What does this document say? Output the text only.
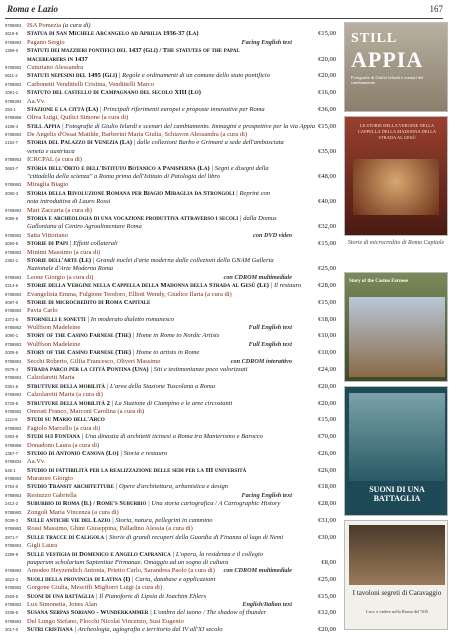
Roma e Lazio	167
9788863 ISA Pomezia (a cura di)
2619-5 Statua di San Michele Arcangelo ad Aprilia 1936-37 (La)	€15,00
9788863 Pagano Sergio	Facing English text
1369-0 Statuti dei mazzieri pontifici del 1437 (Gli) / The statutes of the papal
macebearers in 1437	€20,00
9788863 Cuturiano Alessandra
0611-2 Statuti nepesini del 1495 (Gli) | Regole e ordinamenti di un comune dello stato pontificio	€20,00
9788863 Carbonetti Vendittelli Cristina, Vendittelli Marco
1091-1 Statuto del castello di Campagnano del secolo XIII (Lo)	€16,00
9788394 Aa.Vv.
293-1 Stazione e la città (La) | Principali riferimenti europei e proposte innovative per Roma	€36,00
9788868 Oliva Luigi, Quilici Simone (a cura di)
4188-4 Still Appia | Fotografie di Giulio Ielardi e scenari del cambiamento. Immagini e prospettive per la via Appia €15,00
9788863 De Angelis d'Ossat Matilde, Barberini Maria Giulia, Schiavon Alessandra (a cura di)
2152-7 Storia del Palazzo di Venezia (La) | dalle collezioni Barbo e Grimani a sede dell'ambasciata
veneta e austriaca	€35,00
9788863 ICRCPAL (a cura di)
3663-7 Storia dell'Orto e dell'Istituto Botanico a Panisperna (La) | Segni e disegni della
"cittadella della scienza" a Roma prima dell'Istituto di Patologia del libro	€48,00
9788863 Miraglia Biagio
2060-3 Storia della Rivoluzione Romana per Biagio Miraglia da Strongoli | Reprint con
nota introduttiva di Lauro Rossi	€40,00
9788863 Mari Zaccaria (a cura di)
4085-6 Storia e archeologia di una vocazione produttiva attraverso i secoli | dalla Domus
Galloniana al Centro Agroalimentare Roma	€32,00
9788863 Satta Vittoriano	con DVD video
3050-5 Storie di Papi | Effetti collaterali	€15,00
9788863 Minimi Massimo (a cura di)
2381-1 Storie dell'arte (Le) | Grandi nuclei d'arte moderna dalle collezioni della GNAM Galleria
Nazionale d'Arte Moderna Roma	€25,00
9788863 Leone Giorgio (a cura di)	con CDROM multimediale
3314-5 Storie della Vergine nella Cappella della Madonna della Strada al Gesù (Le) | Il restauro	€28,00
9788863 Evangelista Emma, Fulgione Teodoro, Elliott Wendy, Giudice Ilaria (a cura di)
4087-0 Storie di microcredito di Roma Capitale	€15,00
9788863 Pavia Carlo
3372-5 Stornelli e sonetti | In moderato dialetto romanesco	€18,00
9788863 Wulffson Madeleine	Full English text
4090-1 Story of the Casino Farnese (The) | Home in Rome to Nordic Artists	€10,00
9788863 Wulffson Madeleine	Full English text
2005-6 Story of the Casino Farnese (The) | Home to artists in Rome	€10,00
9788863 Secchi Roberto, Gilfia Francesco, Oliveri Massimo	con CDROM interattivo
0579-4 Strada parco per la città Pontina (Una) | Siti e testimonianze poco valorizzati	€24,00
9788863 Calzolaretti Marta
0361-5 Strutture della mobilità | L'area della Stazione Tuscolana a Roma	€20,00
9788863 Calzolaretti Marta (a cura di)
0725-5 Strutture della mobilità 2 | La Stazione di Ciampino e le aree circostanti	€20,00
9788863 Onorati Franco, Marconi Carolina (a cura di)
1113-9 Studi su Mario dell'Arco	€15,00
9788863 Fagiolo Marcello (a cura di)
0463-9 Studi sui Fontana | Una dinastia di architetti ticinesi a Roma tra Manierismo e Barocco	€70,00
9788868 Donadono Laura (a cura di)
1357-7 Studio di Antonio Canova (Lo) | Storia e restauro	€26,00
9788834 Aa.Vv.
545-1 Studio di fattibilità per la realizzazione delle sedi per la III università	€26,00
9788863 Muratore Giorgio
0754-0 Studio Transit architetture | Opere d'architettura, urbanistica e design	€18,00
9788863 Restuzzo Gabriella	Facing English text
2412-2 Suburbio di Roma (Il) / Rome's Suburbio | Una storia cartografica / A Cartographic History	€28,00
9788863 Zongoli Maria Vincenza (a cura di)
0039-3 Sulle antiche vie del Lazio | Storia, natura, pellegrini in cammino	€31,00
9788863 Rossi Massimo, Ghini Giuseppina, Palladino Alessia (a cura di)
2871-7 Sulle tracce di Caligola | Storie di grandi recuperi della Guardia di Finanza al lago di Nemi	€30,00
9788863 Gigli Laura
2299-9 Sulle vestigia di Domenico e Angelo Capranica | L'opera, la residenza e il collegio
pauperum scholarium Sapientiae Firmanae. Omaggio ad un sogno di cultura	€8,00
9788863 Amodeo Heyzendich Antonia, Prietto Carlo, Sarandrea Paolo (a cura di) con CDROM multimediale
3623-3 Suoli della provincia di Latina (I) | Carta, database e applicazioni	€25,00
9788863 Gorgone Giulia, Mesciffi Migliorri Luigi (a cura di)
2929-5 Suoni di una battaglia | Il Pianoforte di Lipsia di Joachim Ehlers	€15,00
9788863 Lux Simonetta, Jones Alan	English/Italian text
3438-5 Susana Serpas Soriano - Wunderkammer | L'ombra del tuono / The shadow of thunder	€12,00
9788863 Del Lungo Stefano, Flocchi Nicolai Vincenzo, Susi Eugenio
3017-0 Sutri cristiana | Archeologia, agiografia e territorio dal IV all'XI secolo	€20,00
STILL
APPIA
Fotografie di Giulio Ielardi e scenari del cambiamento
LE STORIE DELLA VERGINE NELLA CAPPELLA DELLA MADONNA DELLA STRADA AL GESÙ
Storie di microcredito di Roma Capitale
Story of the Casino Farnese
SUONI DI UNA BATTAGLIA
I tavoloni segreti di Caravaggio
Lucc e ombre nella Roma del '500
